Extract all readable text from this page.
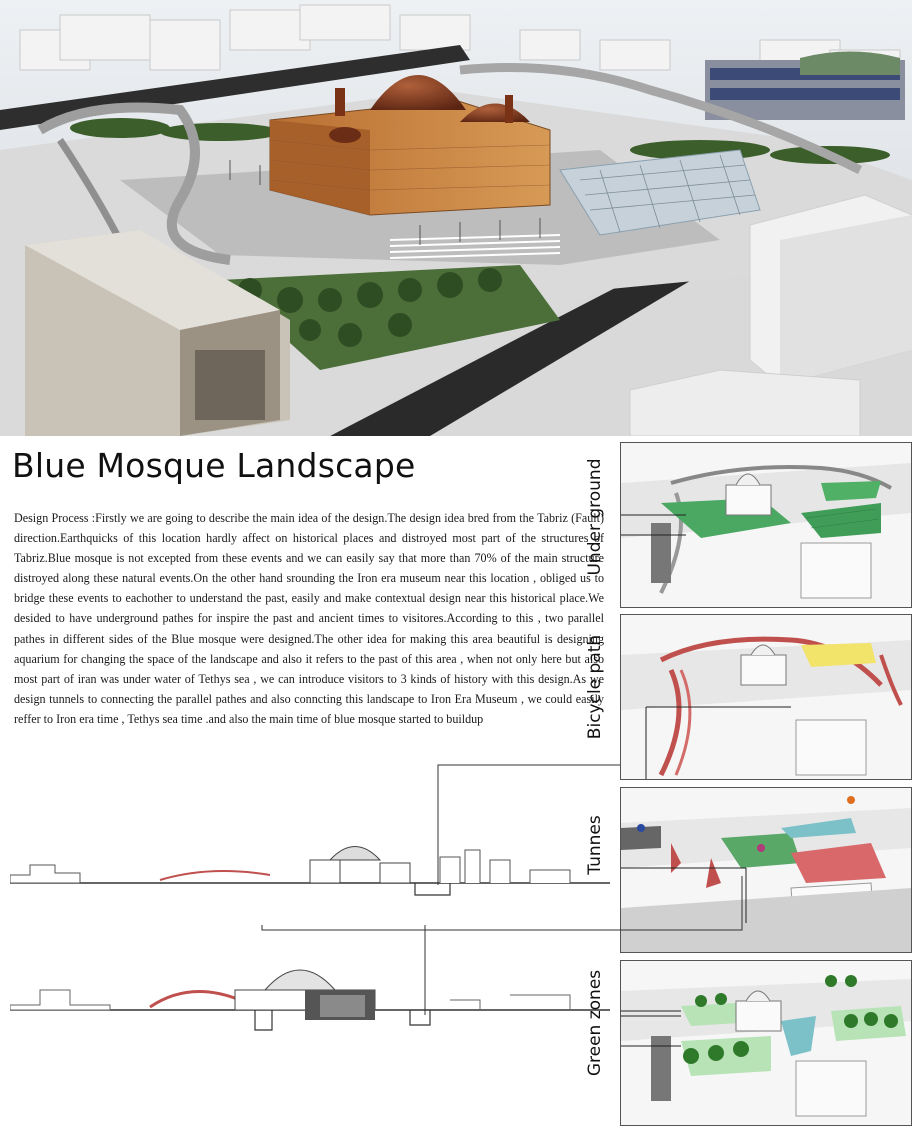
Blue Mosque Landscape
Design Process :Firstly we are going to describe the main idea of the design.The design idea bred from the Tabriz (Fault) direction.Earthquicks of this location hardly affect on historical places and distroyed most part of the structures of Tabriz.Blue mosque is not excepted from these events and we can easily say that more than 70% of the main structure distroyed along these natural events.On the other hand srounding the Iron era museum near this location , obliged us to bridge these events to eachother to understand the past, easily and make contextual design near this historical place.We desided to have underground pathes for inspire the past and ancient times to visitores.According to this , two parallel pathes in different sides of the Blue mosque were designed.The other idea for making this area beautiful is designing aquarium for changing the space of the landscape and also it refers to the past of this area , when not only here but also most part of iran was under water of Tethys sea , we can introduce visitors to 3 kinds of history with this design.As we design tunnels to connecting the parallel pathes and also conncting this landscape to Iron Era Museum , we could easily reffer to Iron era time , Tethys sea time .and also the main time of blue mosque started to buildup
Under ground
Bicycle path
Tunnes
Green zones
